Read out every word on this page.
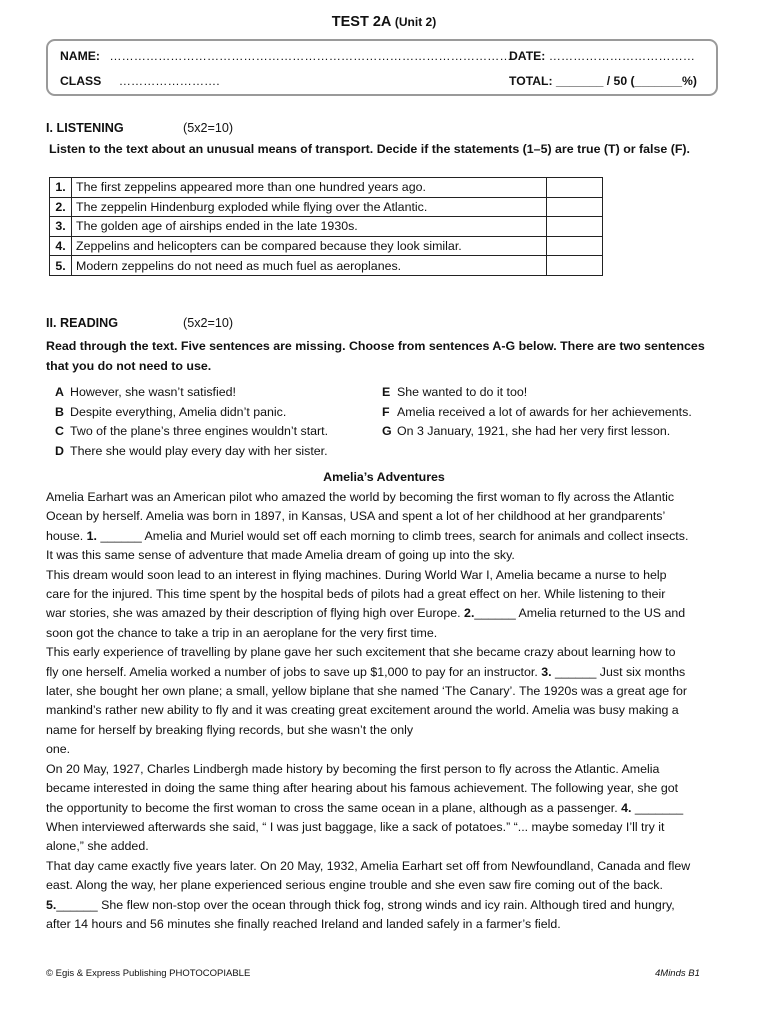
TEST 2A (Unit 2)
NAME: ………………………………………………………………………………………
DATE: ………………………………
CLASS …………………….	TOTAL: _______ / 50 (_______%)
I. LISTENING	(5x2=10)
Listen to the text about an unusual means of transport. Decide if the statements (1–5) are true (T) or false (F).
1.	The first zeppelins appeared more than one hundred years ago.	
2.	The zeppelin Hindenburg exploded while flying over the Atlantic.	
3.	The golden age of airships ended in the late 1930s.	
4.	Zeppelins and helicopters can be compared because they look similar.	
5.	Modern zeppelins do not need as much fuel as aeroplanes.	
II. READING	(5x2=10)
Read through the text. Five sentences are missing. Choose from sentences A-G below. There are two sentences
that you do not need to use.
A However, she wasn’t satisfied!
B Despite everything, Amelia didn’t panic.
C Two of the plane’s three engines wouldn’t start.
D There she would play every day with her sister.
E She wanted to do it too!
F Amelia received a lot of awards for her achievements.
G On 3 January, 1921, she had her very first lesson.
Amelia’s Adventures
Amelia Earhart was an American pilot who amazed the world by becoming the first woman to fly across the Atlantic
Ocean by herself. Amelia was born in 1897, in Kansas, USA and spent a lot of her childhood at her grandparents’
house. 1. ______ Amelia and Muriel would set off each morning to climb trees, search for animals and collect insects.
It was this same sense of adventure that made Amelia dream of going up into the sky.
This dream would soon lead to an interest in flying machines. During World War I, Amelia became a nurse to help
care for the injured. This time spent by the hospital beds of pilots had a great effect on her. While listening to their
war stories, she was amazed by their description of flying high over Europe. 2.______ Amelia returned to the US and
soon got the chance to take a trip in an aeroplane for the very first time.
This early experience of travelling by plane gave her such excitement that she became crazy about learning how to
fly one herself. Amelia worked a number of jobs to save up $1,000 to pay for an instructor. 3. ______ Just six months
later, she bought her own plane; a small, yellow biplane that she named ‘The Canary’. The 1920s was a great age for
mankind’s rather new ability to fly and it was creating great excitement around the world. Amelia was busy making a
name for herself by breaking flying records, but she wasn’t the only
one.
On 20 May, 1927, Charles Lindbergh made history by becoming the first person to fly across the Atlantic. Amelia
became interested in doing the same thing after hearing about his famous achievement. The following year, she got
the opportunity to become the first woman to cross the same ocean in a plane, although as a passenger. 4. _______
When interviewed afterwards she said, “ I was just baggage, like a sack of potatoes.” “... maybe someday I’ll try it
alone,” she added.
That day came exactly five years later. On 20 May, 1932, Amelia Earhart set off from Newfoundland, Canada and flew
east. Along the way, her plane experienced serious engine trouble and she even saw fire coming out of the back.
5.______ She flew non-stop over the ocean through thick fog, strong winds and icy rain. Although tired and hungry,
after 14 hours and 56 minutes she finally reached Ireland and landed safely in a farmer’s field.
© Egis & Express Publishing PHOTOCOPIABLE	4Minds B1
